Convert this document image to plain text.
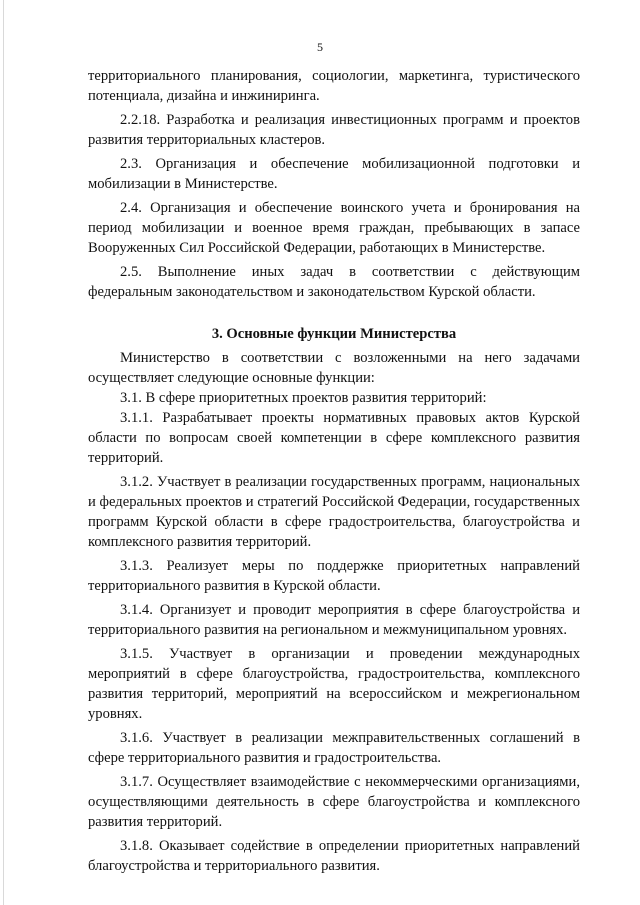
5

территориального планирования, социологии, маркетинга, туристического потенциала, дизайна и инжиниринга.

2.2.18. Разработка и реализация инвестиционных программ и проектов развития территориальных кластеров.

2.3. Организация и обеспечение мобилизационной подготовки и мобилизации в Министерстве.

2.4. Организация и обеспечение воинского учета и бронирования на период мобилизации и военное время граждан, пребывающих в запасе Вооруженных Сил Российской Федерации, работающих в Министерстве.

2.5. Выполнение иных задач в соответствии с действующим федеральным законодательством и законодательством Курской области.

3. Основные функции Министерства

Министерство в соответствии с возложенными на него задачами осуществляет следующие основные функции:

3.1. В сфере приоритетных проектов развития территорий:

3.1.1. Разрабатывает проекты нормативных правовых актов Курской области по вопросам своей компетенции в сфере комплексного развития территорий.

3.1.2. Участвует в реализации государственных программ, национальных и федеральных проектов и стратегий Российской Федерации, государственных программ Курской области в сфере градостроительства, благоустройства и комплексного развития территорий.

3.1.3. Реализует меры по поддержке приоритетных направлений территориального развития в Курской области.

3.1.4. Организует и проводит мероприятия в сфере благоустройства и территориального развития на региональном и межмуниципальном уровнях.

3.1.5. Участвует в организации и проведении международных мероприятий в сфере благоустройства, градостроительства, комплексного развития территорий, мероприятий на всероссийском и межрегиональном уровнях.

3.1.6. Участвует в реализации межправительственных соглашений в сфере территориального развития и градостроительства.

3.1.7. Осуществляет взаимодействие с некоммерческими организациями, осуществляющими деятельность в сфере благоустройства и комплексного развития территорий.

3.1.8. Оказывает содействие в определении приоритетных направлений благоустройства и территориального развития.
